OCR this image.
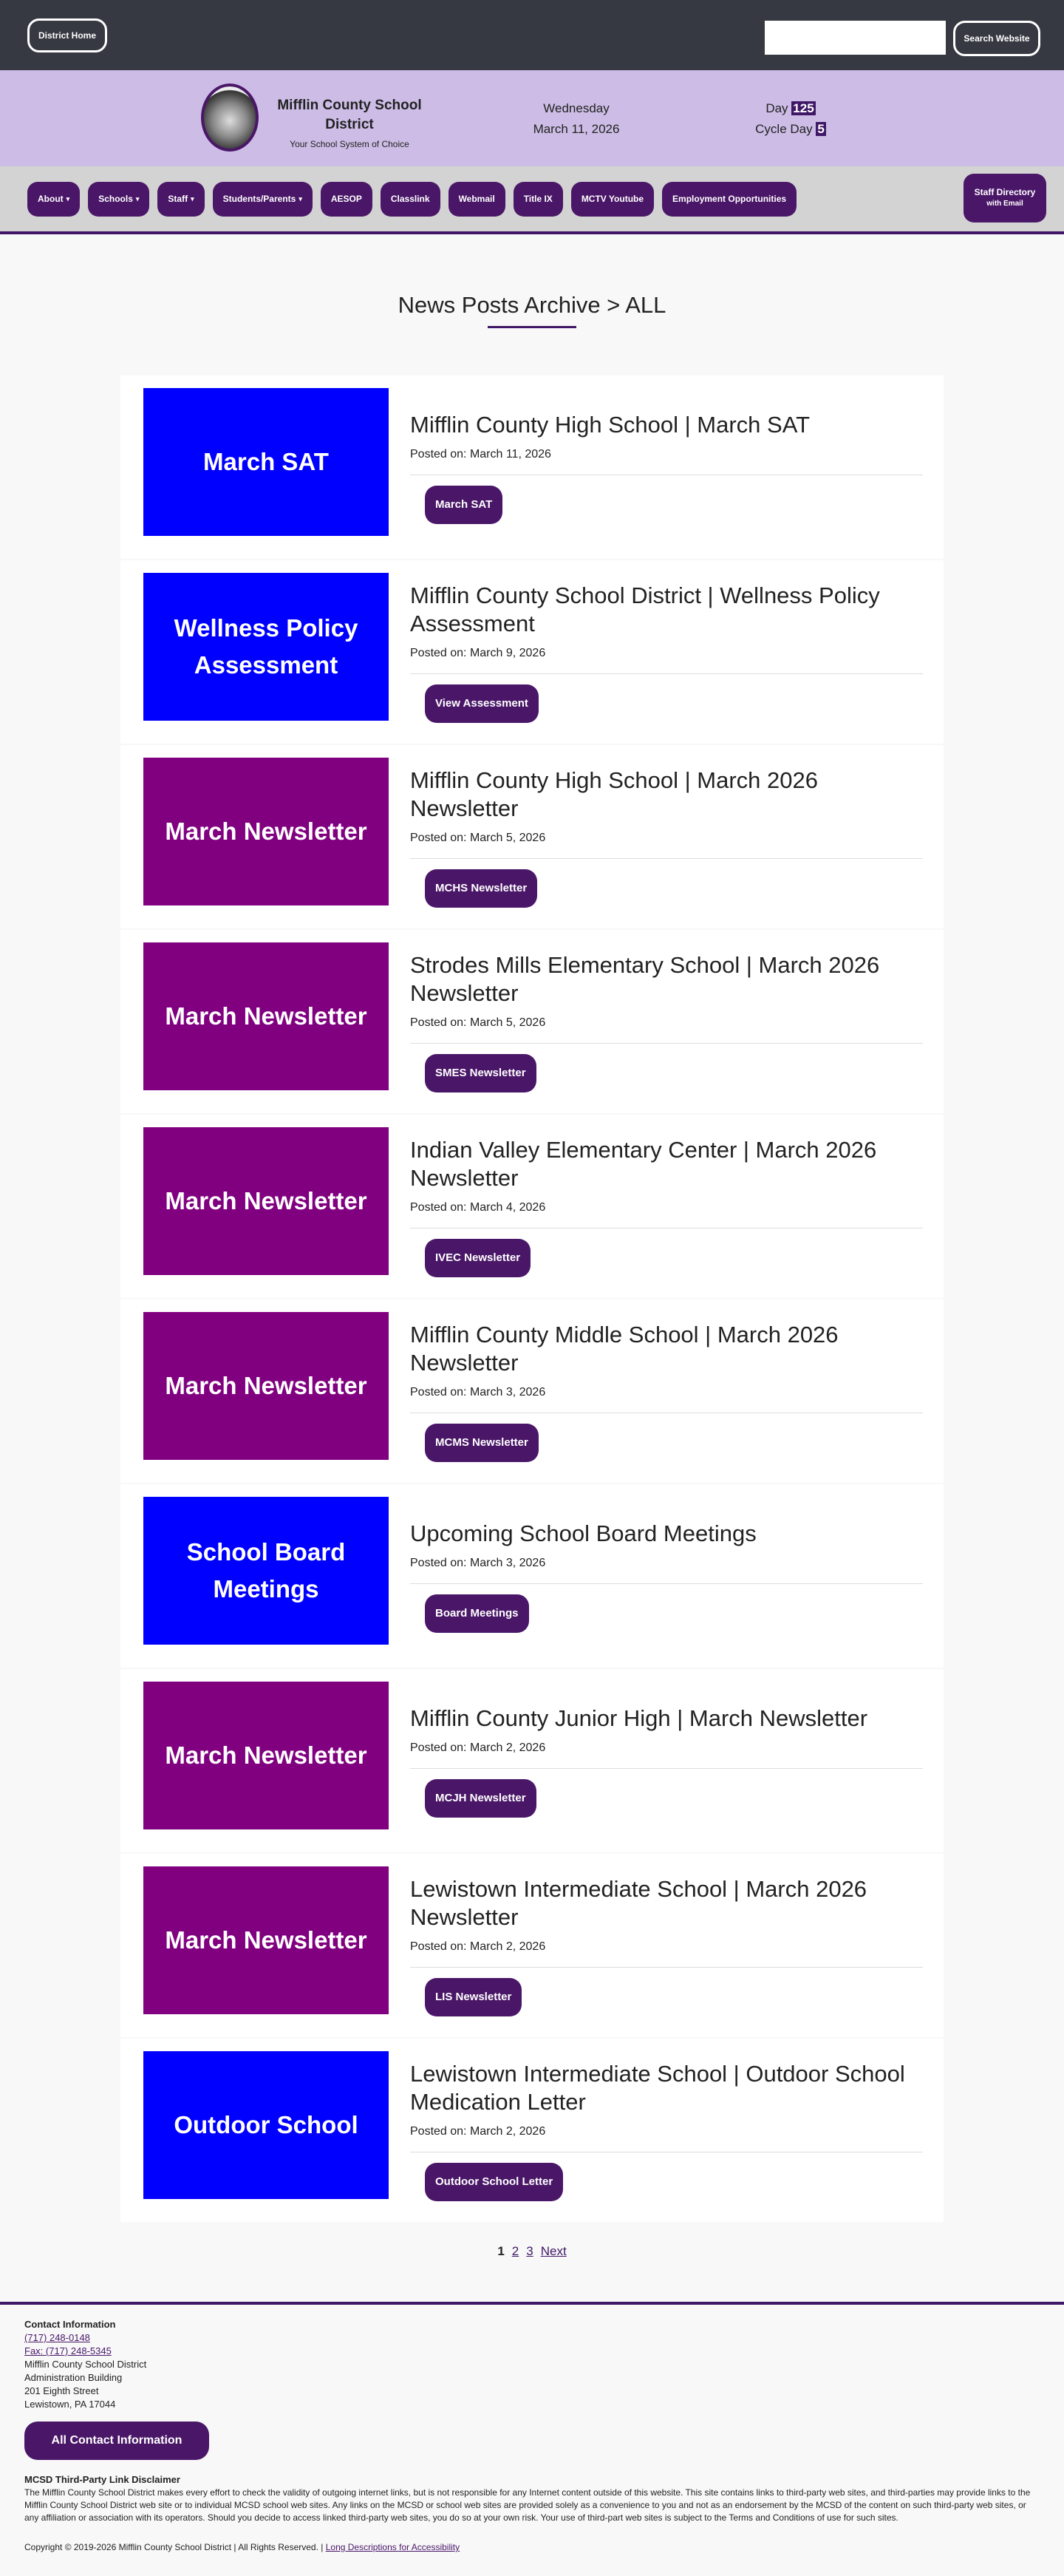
District Home	Search Website
Mifflin County School District
Your School System of Choice
Wednesday
March 11, 2026
Day 125
Cycle Day 5
About ▾	Schools ▾	Staff ▾	Students/Parents ▾	AESOP	Classlink	Webmail	Title IX	MCTV Youtube	Employment Opportunities
Staff Directory
with Email
News Posts Archive > ALL
March SAT
Mifflin County High School | March SAT
Posted on: March 11, 2026
March SAT
Wellness Policy Assessment
Mifflin County School District | Wellness Policy Assessment
Posted on: March 9, 2026
View Assessment
March Newsletter
Mifflin County High School | March 2026 Newsletter
Posted on: March 5, 2026
MCHS Newsletter
March Newsletter
Strodes Mills Elementary School | March 2026 Newsletter
Posted on: March 5, 2026
SMES Newsletter
March Newsletter
Indian Valley Elementary Center | March 2026 Newsletter
Posted on: March 4, 2026
IVEC Newsletter
March Newsletter
Mifflin County Middle School | March 2026 Newsletter
Posted on: March 3, 2026
MCMS Newsletter
School Board Meetings
Upcoming School Board Meetings
Posted on: March 3, 2026
Board Meetings
March Newsletter
Mifflin County Junior High | March Newsletter
Posted on: March 2, 2026
MCJH Newsletter
March Newsletter
Lewistown Intermediate School | March 2026 Newsletter
Posted on: March 2, 2026
LIS Newsletter
Outdoor School
Lewistown Intermediate School | Outdoor School Medication Letter
Posted on: March 2, 2026
Outdoor School Letter
1 2 3 Next
Contact Information
(717) 248-0148
Fax: (717) 248-5345
Mifflin County School District
Administration Building
201 Eighth Street
Lewistown, PA 17044
All Contact Information
MCSD Third-Party Link Disclaimer

The Mifflin County School District makes every effort to check the validity of outgoing internet links, but is not responsible for any Internet content outside of this website. This site contains links to third-party web sites, and third-parties may provide links to the Mifflin County School District web site or to individual MCSD school web sites. Any links on the MCSD or school web sites are provided solely as a convenience to you and not as an endorsement by the MCSD of the content on such third-party web sites, or any affiliation or association with its operators. Should you decide to access linked third-party web sites, you do so at your own risk. Your use of third-part web sites is subject to the Terms and Conditions of use for such sites.

Copyright © 2019-2026 Mifflin County School District | All Rights Reserved. | Long Descriptions for Accessibility
